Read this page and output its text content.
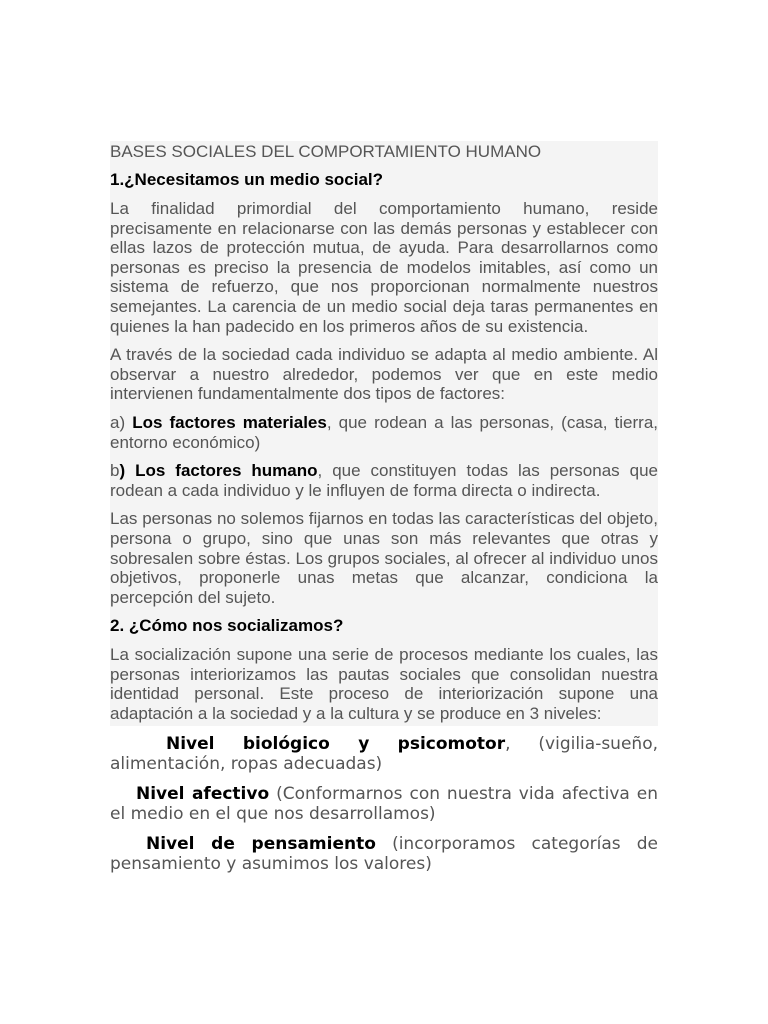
BASES SOCIALES DEL COMPORTAMIENTO HUMANO
1.¿Necesitamos un medio social?

La finalidad primordial del comportamiento humano, reside precisamente en relacionarse con las demás personas y establecer con ellas lazos de protección mutua, de ayuda. Para desarrollarnos como personas es preciso la presencia de modelos imitables, así como un sistema de refuerzo, que nos proporcionan normalmente nuestros semejantes. La carencia de un medio social deja taras permanentes en quienes la han padecido en los primeros años de su existencia.

A través de la sociedad cada individuo se adapta al medio ambiente. Al observar a nuestro alrededor, podemos ver que en este medio intervienen fundamentalmente dos tipos de factores:

a) Los factores materiales, que rodean a las personas, (casa, tierra, entorno económico)

b) Los factores humano, que constituyen todas las personas que rodean a cada individuo y le influyen de forma directa o indirecta.

Las personas no solemos fijarnos en todas las características del objeto, persona o grupo, sino que unas son más relevantes que otras y sobresalen sobre éstas. Los grupos sociales, al ofrecer al individuo unos objetivos, proponerle unas metas que alcanzar, condiciona la percepción del sujeto.

2. ¿Cómo nos socializamos?

La socialización supone una serie de procesos mediante los cuales, las personas interiorizamos las pautas sociales que consolidan nuestra identidad personal. Este proceso de interiorización supone una adaptación a la sociedad y a la cultura y se produce en 3 niveles:

Nivel biológico y psicomotor, (vigilia-sueño, alimentación, ropas adecuadas)

Nivel afectivo (Conformarnos con nuestra vida afectiva en el medio en el que nos desarrollamos)

Nivel de pensamiento (incorporamos categorías de pensamiento y asumimos los valores)
